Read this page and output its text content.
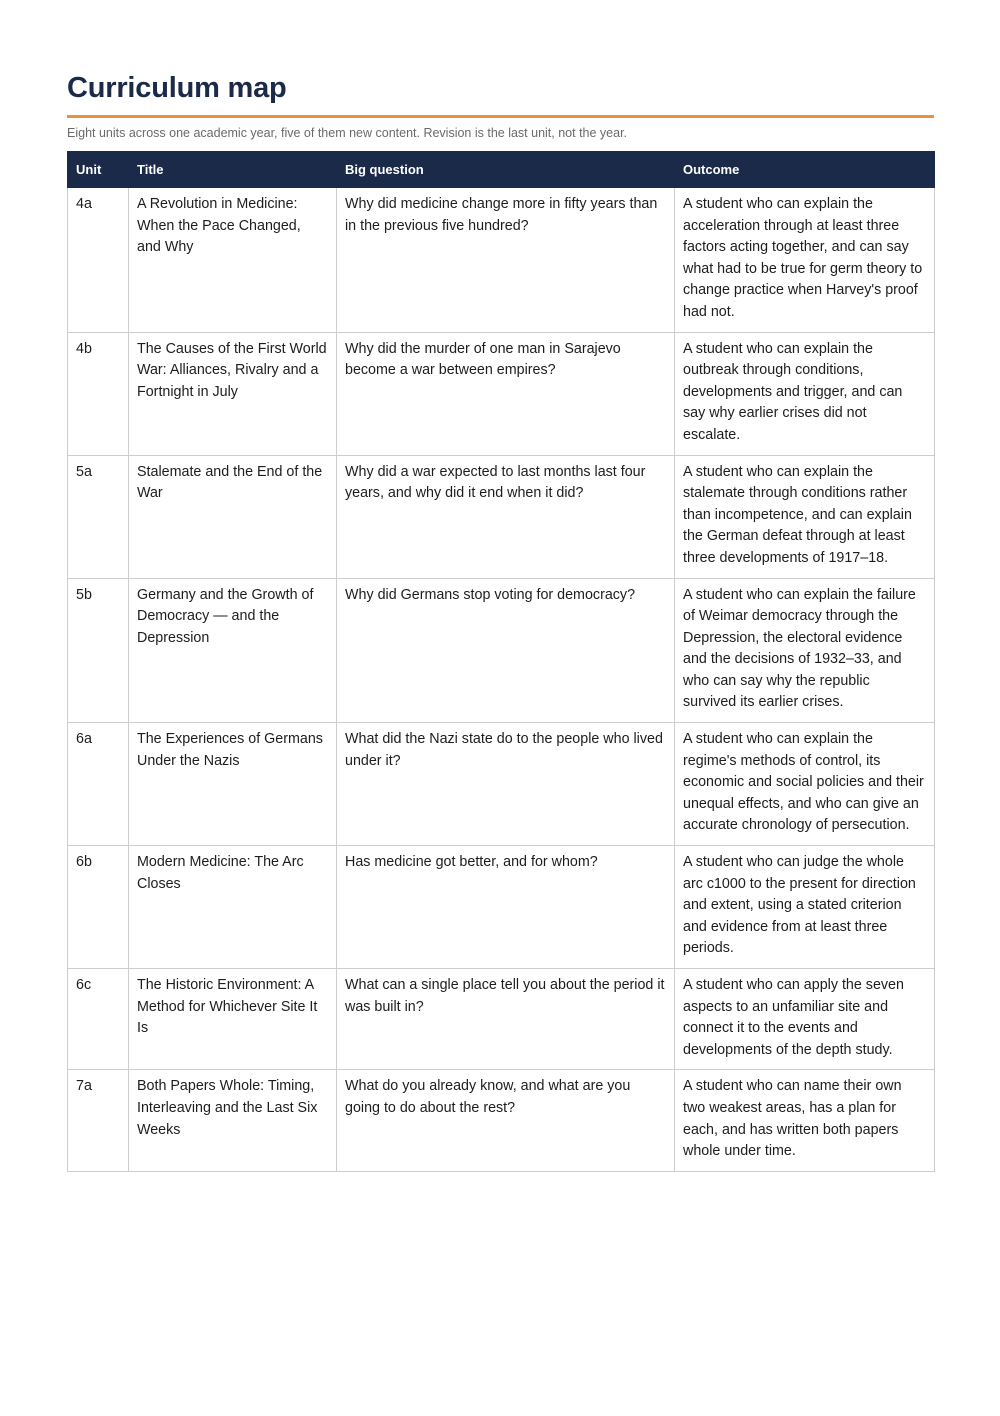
Curriculum map
Eight units across one academic year, five of them new content. Revision is the last unit, not the year.
Unit	Title	Big question	Outcome
4a	A Revolution in Medicine: When the Pace Changed, and Why	Why did medicine change more in fifty years than in the previous five hundred?	A student who can explain the acceleration through at least three factors acting together, and can say what had to be true for germ theory to change practice when Harvey's proof had not.
4b	The Causes of the First World War: Alliances, Rivalry and a Fortnight in July	Why did the murder of one man in Sarajevo become a war between empires?	A student who can explain the outbreak through conditions, developments and trigger, and can say why earlier crises did not escalate.
5a	Stalemate and the End of the War	Why did a war expected to last months last four years, and why did it end when it did?	A student who can explain the stalemate through conditions rather than incompetence, and can explain the German defeat through at least three developments of 1917–18.
5b	Germany and the Growth of Democracy — and the Depression	Why did Germans stop voting for democracy?	A student who can explain the failure of Weimar democracy through the Depression, the electoral evidence and the decisions of 1932–33, and who can say why the republic survived its earlier crises.
6a	The Experiences of Germans Under the Nazis	What did the Nazi state do to the people who lived under it?	A student who can explain the regime's methods of control, its economic and social policies and their unequal effects, and who can give an accurate chronology of persecution.
6b	Modern Medicine: The Arc Closes	Has medicine got better, and for whom?	A student who can judge the whole arc c1000 to the present for direction and extent, using a stated criterion and evidence from at least three periods.
6c	The Historic Environment: A Method for Whichever Site It Is	What can a single place tell you about the period it was built in?	A student who can apply the seven aspects to an unfamiliar site and connect it to the events and developments of the depth study.
7a	Both Papers Whole: Timing, Interleaving and the Last Six Weeks	What do you already know, and what are you going to do about the rest?	A student who can name their own two weakest areas, has a plan for each, and has written both papers whole under time.
